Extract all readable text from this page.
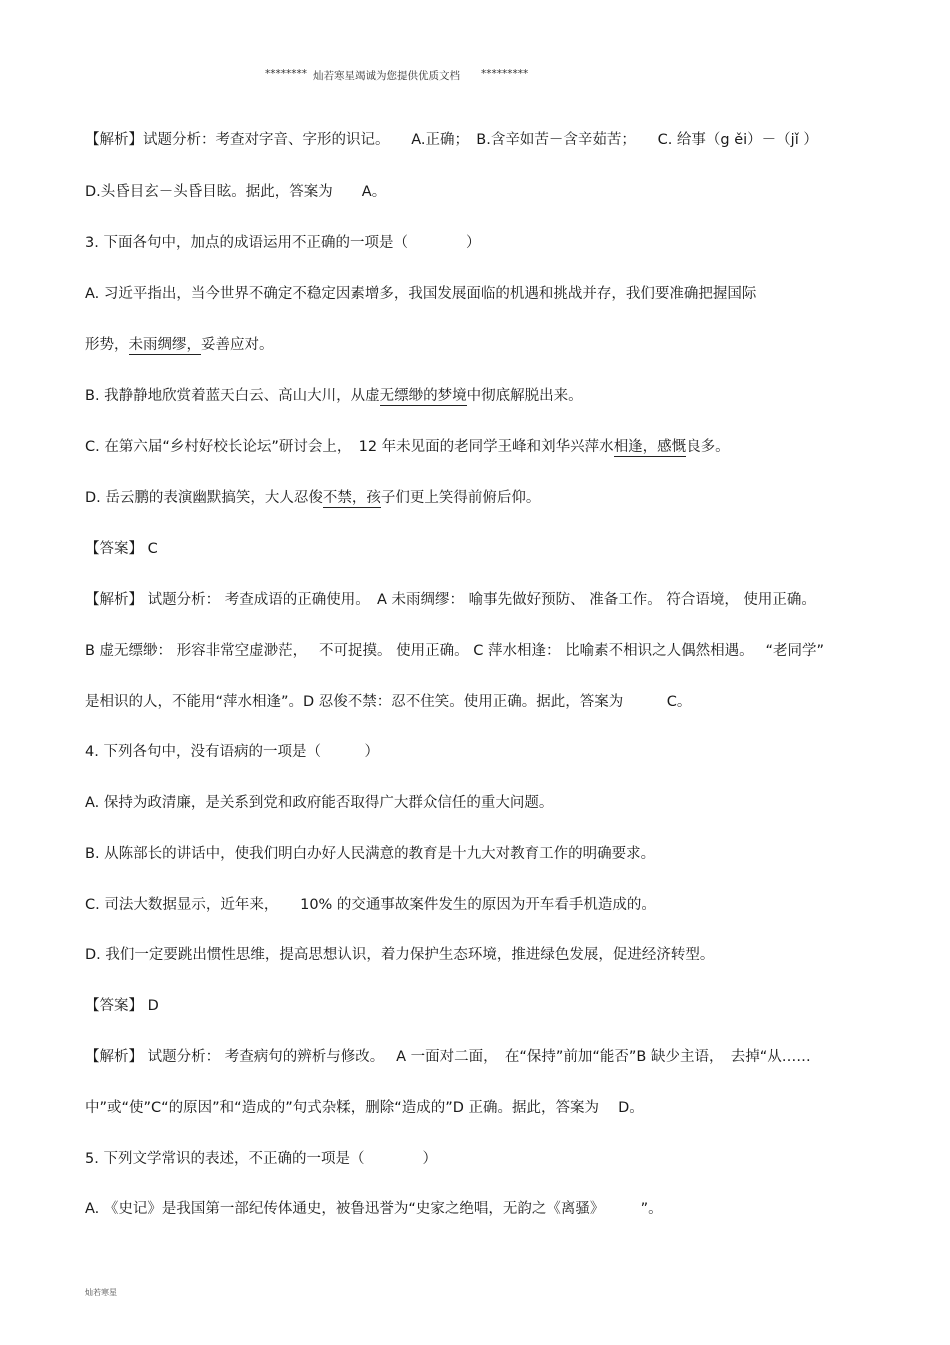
******** 灿若寒星竭诚为您提供优质文档 *********
【解析】试题分析：考查对字音、字形的识记。　　A.正确；　B.含辛如苦－含辛茹苦；　　C. 给事（g ěi）－（jǐ ）
D.头昏目玄－头昏目眩。据此，答案为　　A。
3. 下面各句中，加点的成语运用不正确的一项是（　　　　）
A. 习近平指出，当今世界不确定不稳定因素增多，我国发展面临的机遇和挑战并存，我们要准确把握国际
形势，未雨绸缪，妥善应对。
B. 我静静地欣赏着蓝天白云、高山大川，从虚无缥缈的梦境中彻底解脱出来。
C. 在第六届“乡村好校长论坛”研讨会上，　12 年未见面的老同学王峰和刘华兴萍水相逢，感慨良多。
D. 岳云鹏的表演幽默搞笑，大人忍俊不禁，孩子们更上笑得前俯后仰。
【答案】 C
【解析】 试题分析： 考查成语的正确使用。　A 未雨绸缪： 喻事先做好预防、 准备工作。 符合语境， 使用正确。
B 虚无缥缈： 形容非常空虚渺茫，　 不可捉摸。 使用正确。 C 萍水相逢： 比喻素不相识之人偶然相遇。　 “老同学”
是相识的人，不能用“萍水相逢”。D 忍俊不禁：忍不住笑。使用正确。据此，答案为　　　C。
4. 下列各句中，没有语病的一项是（　　　）
A. 保持为政清廉，是关系到党和政府能否取得广大群众信任的重大问题。
B. 从陈部长的讲话中，使我们明白办好人民满意的教育是十九大对教育工作的明确要求。
C. 司法大数据显示，近年来，　　10% 的交通事故案件发生的原因为开车看手机造成的。
D. 我们一定要跳出惯性思维，提高思想认识，着力保护生态环境，推进绿色发展，促进经济转型。
【答案】 D
【解析】 试题分析： 考查病句的辨析与修改。　 A 一面对二面，　在“保持”前加“能否”B 缺少主语，　去掉“从……
中”或“使”C“的原因”和“造成的”句式杂糅，删除“造成的”D 正确。据此，答案为　 D。
5. 下列文学常识的表述，不正确的一项是（　　　　）
A. 《史记》是我国第一部纪传体通史，被鲁迅誉为“史家之绝唱，无韵之《离骚》　　　”。
灿若寒星
